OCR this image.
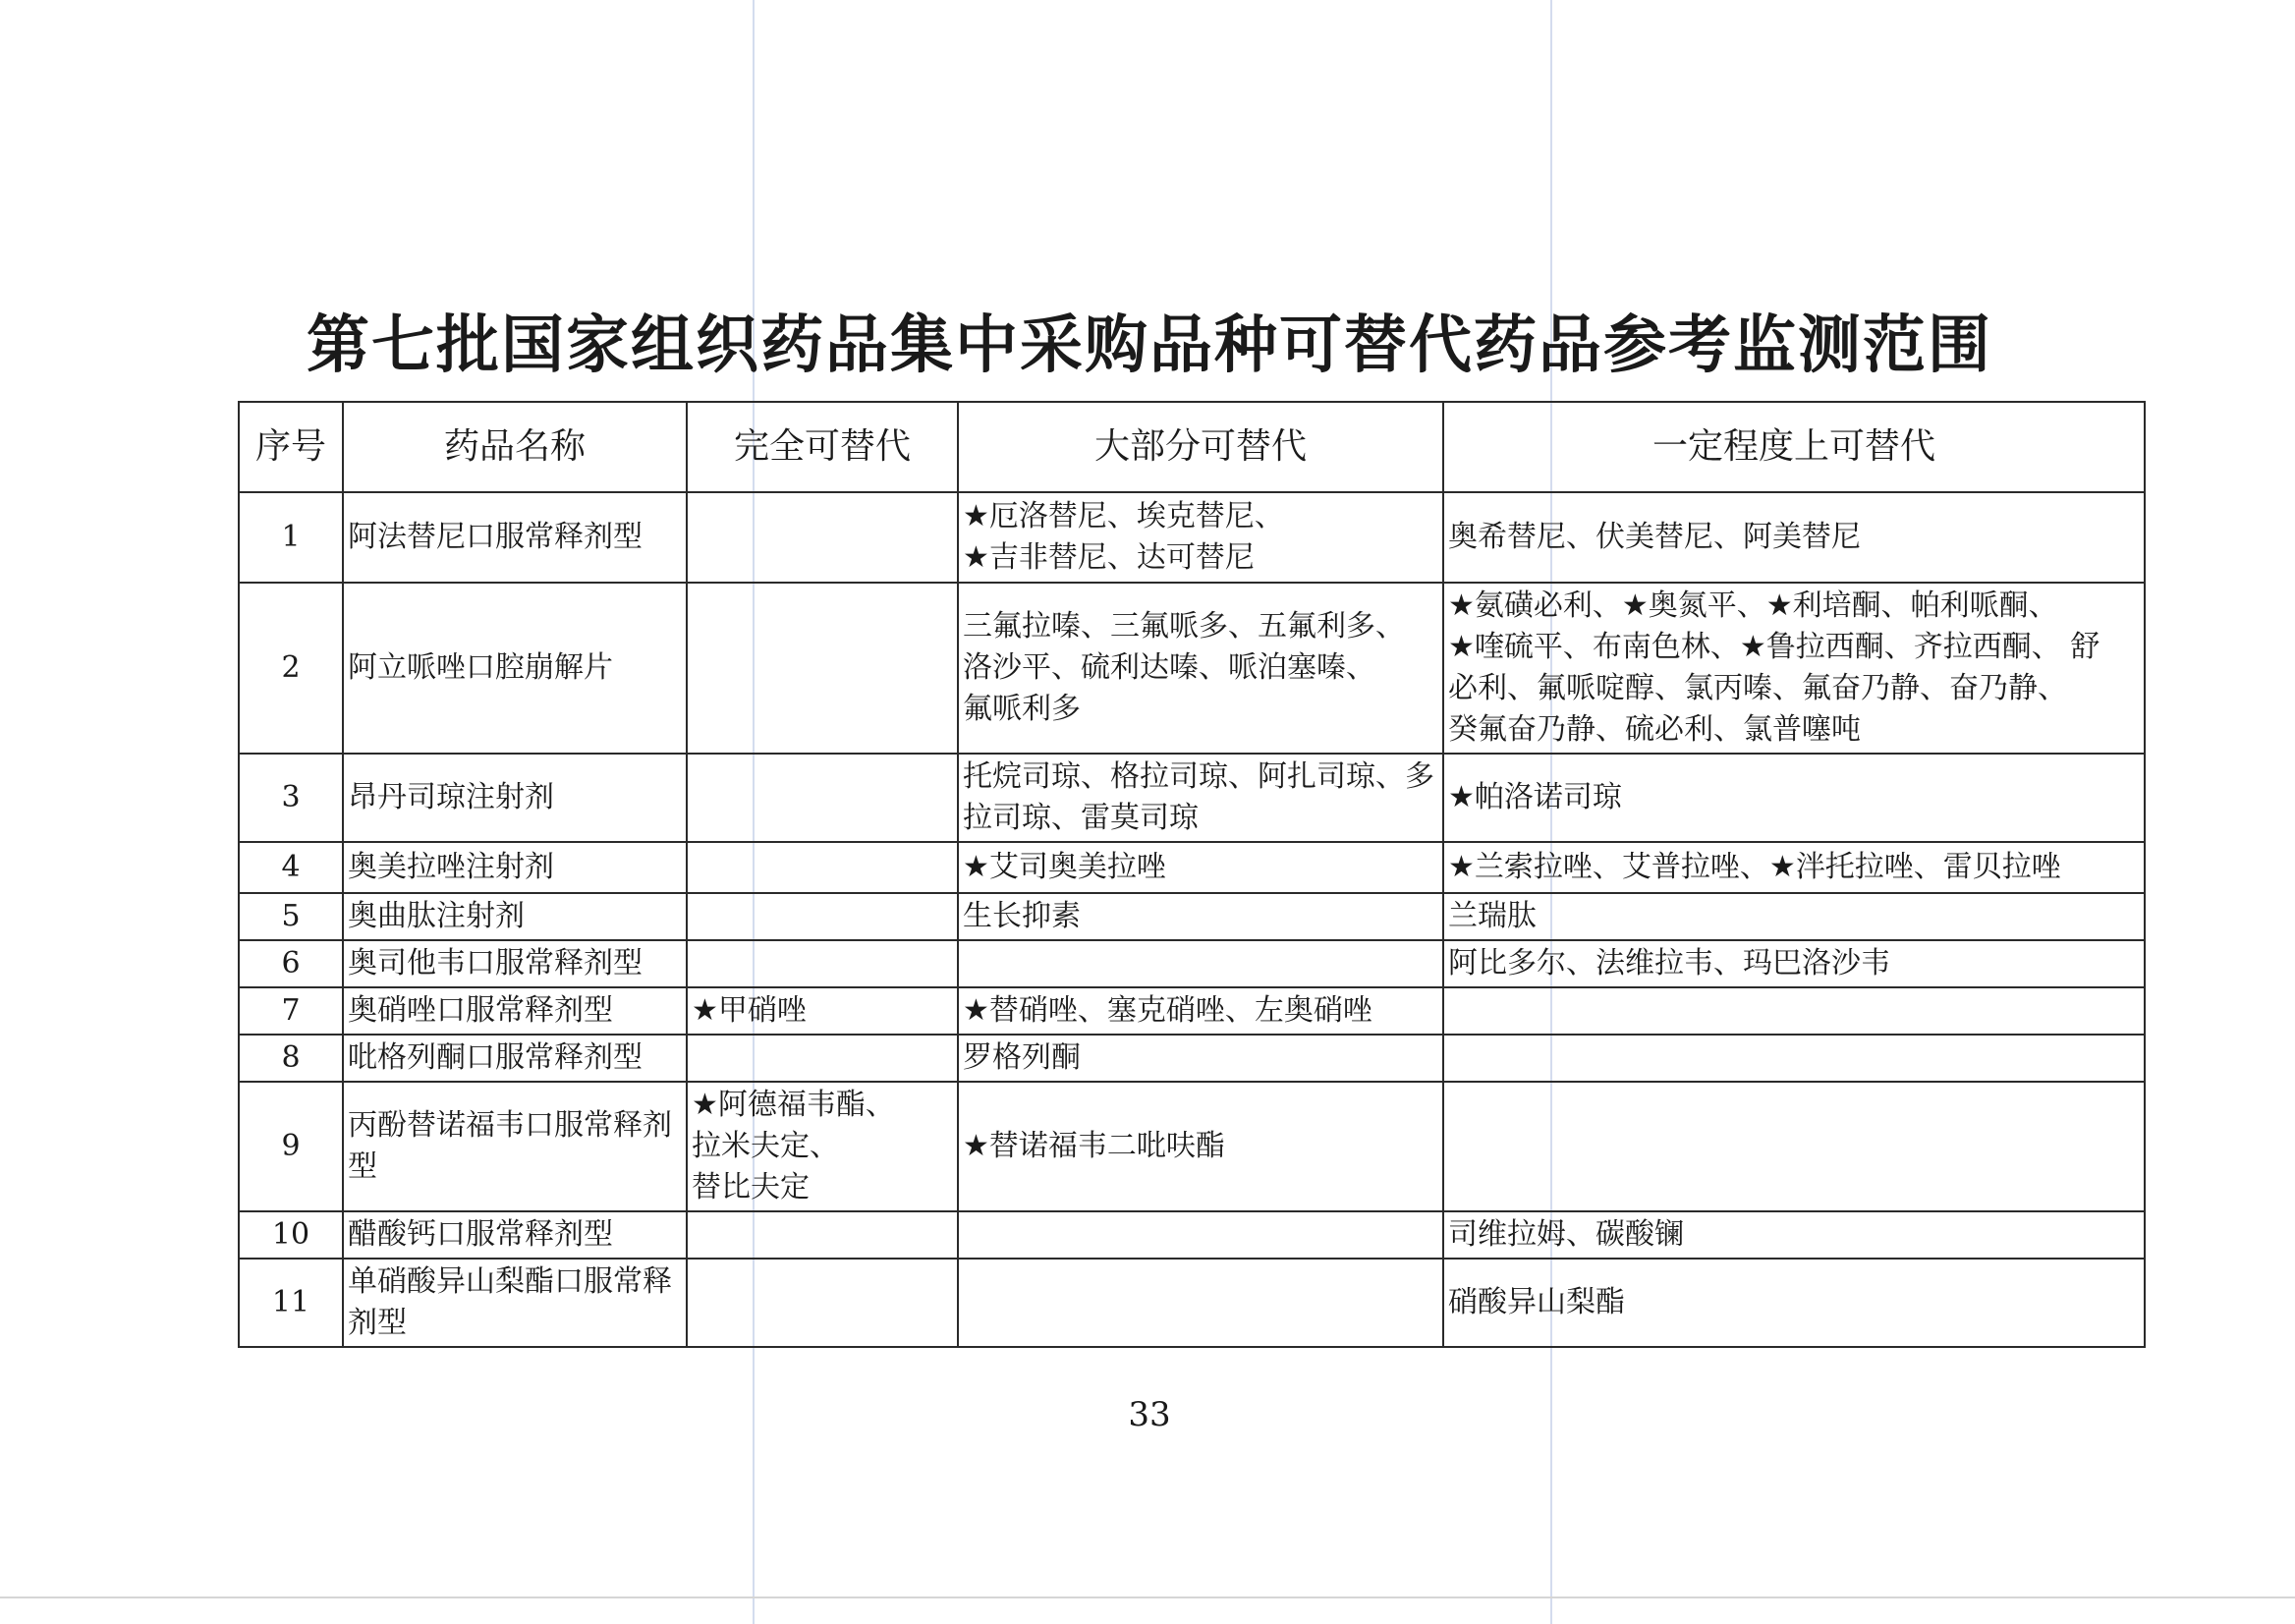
第七批国家组织药品集中采购品种可替代药品参考监测范围
序号	药品名称	完全可替代	大部分可替代	一定程度上可替代
1	阿法替尼口服常释剂型		★厄洛替尼、埃克替尼、
★吉非替尼、达可替尼	奥希替尼、伏美替尼、阿美替尼
2	阿立哌唑口腔崩解片		三氟拉嗪、三氟哌多、五氟利多、
洛沙平、硫利达嗪、哌泊塞嗪、
氟哌利多	★氨磺必利、★奥氮平、★利培酮、帕利哌酮、
★喹硫平、布南色林、★鲁拉西酮、齐拉西酮、 舒
必利、氟哌啶醇、氯丙嗪、氟奋乃静、奋乃静、
癸氟奋乃静、硫必利、氯普噻吨

3	昂丹司琼注射剂		托烷司琼、格拉司琼、阿扎司琼、多
拉司琼、雷莫司琼	★帕洛诺司琼
4	奥美拉唑注射剂		★艾司奥美拉唑	★兰索拉唑、艾普拉唑、★泮托拉唑、雷贝拉唑
5	奥曲肽注射剂		生长抑素	兰瑞肽
6	奥司他韦口服常释剂型			阿比多尔、法维拉韦、玛巴洛沙韦
7	奥硝唑口服常释剂型	★甲硝唑	★替硝唑、塞克硝唑、左奥硝唑	
8	吡格列酮口服常释剂型		罗格列酮	
9	丙酚替诺福韦口服常释剂
型	★阿德福韦酯、
拉米夫定、
替比夫定	★替诺福韦二吡呋酯	
10	醋酸钙口服常释剂型			司维拉姆、碳酸镧
11	单硝酸异山梨酯口服常释
剂型			硝酸异山梨酯
33
